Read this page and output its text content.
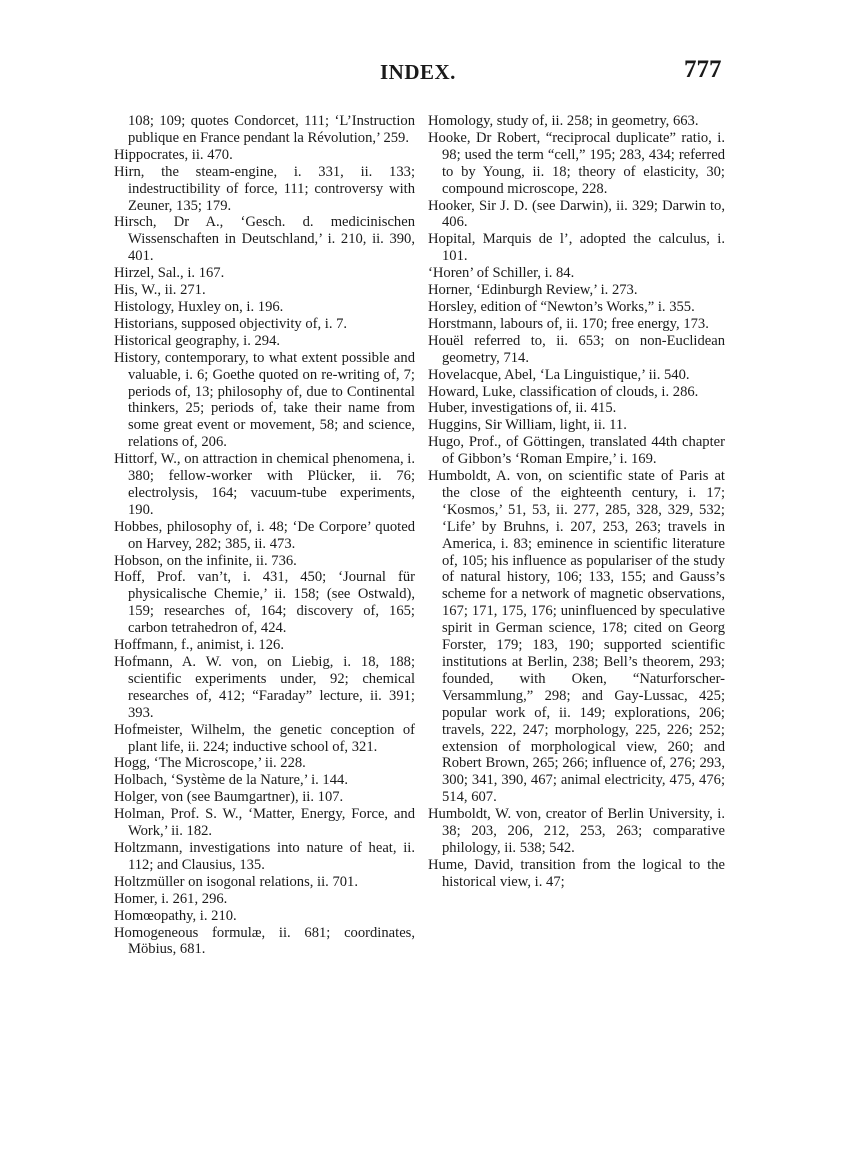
INDEX.	777

108; 109; quotes Condorcet, 111; ‘L’Instruction publique en France pendant la Révolution,’ 259.

Hippocrates, ii. 470.

Hirn, the steam-engine, i. 331, ii. 133; indestructibility of force, 111; controversy with Zeuner, 135; 179.

Hirsch, Dr A., ‘Gesch. d. medicinischen Wissenschaften in Deutschland,’ i. 210, ii. 390, 401.

Hirzel, Sal., i. 167.

His, W., ii. 271.

Histology, Huxley on, i. 196.

Historians, supposed objectivity of, i. 7.

Historical geography, i. 294.

History, contemporary, to what extent possible and valuable, i. 6; Goethe quoted on re-writing of, 7; periods of, 13; philosophy of, due to Continental thinkers, 25; periods of, take their name from some great event or movement, 58; and science, relations of, 206.

Hittorf, W., on attraction in chemical phenomena, i. 380; fellow-worker with Plücker, ii. 76; electrolysis, 164; vacuum-tube experiments, 190.

Hobbes, philosophy of, i. 48; ‘De Corpore’ quoted on Harvey, 282; 385, ii. 473.

Hobson, on the infinite, ii. 736.

Hoff, Prof. van’t, i. 431, 450; ‘Journal für physicalische Chemie,’ ii. 158; (see Ostwald), 159; researches of, 164; discovery of, 165; carbon tetrahedron of, 424.

Hoffmann, f., animist, i. 126.

Hofmann, A. W. von, on Liebig, i. 18, 188; scientific experiments under, 92; chemical researches of, 412; “Faraday” lecture, ii. 391; 393.

Hofmeister, Wilhelm, the genetic conception of plant life, ii. 224; inductive school of, 321.

Hogg, ‘The Microscope,’ ii. 228.

Holbach, ‘Système de la Nature,’ i. 144.

Holger, von (see Baumgartner), ii. 107.

Holman, Prof. S. W., ‘Matter, Energy, Force, and Work,’ ii. 182.

Holtzmann, investigations into nature of heat, ii. 112; and Clausius, 135.

Holtzmüller on isogonal relations, ii. 701.

Homer, i. 261, 296.

Homœopathy, i. 210.

Homogeneous formulæ, ii. 681; coordinates, Möbius, 681.

Homology, study of, ii. 258; in geometry, 663.

Hooke, Dr Robert, “reciprocal duplicate” ratio, i. 98; used the term “cell,” 195; 283, 434; referred to by Young, ii. 18; theory of elasticity, 30; compound microscope, 228.

Hooker, Sir J. D. (see Darwin), ii. 329; Darwin to, 406.

Hopital, Marquis de l’, adopted the calculus, i. 101.

‘Horen’ of Schiller, i. 84.

Horner, ‘Edinburgh Review,’ i. 273.

Horsley, edition of “Newton’s Works,” i. 355.

Horstmann, labours of, ii. 170; free energy, 173.

Houël referred to, ii. 653; on non-Euclidean geometry, 714.

Hovelacque, Abel, ‘La Linguistique,’ ii. 540.

Howard, Luke, classification of clouds, i. 286.

Huber, investigations of, ii. 415.

Huggins, Sir William, light, ii. 11.

Hugo, Prof., of Göttingen, translated 44th chapter of Gibbon’s ‘Roman Empire,’ i. 169.

Humboldt, A. von, on scientific state of Paris at the close of the eighteenth century, i. 17; ‘Kosmos,’ 51, 53, ii. 277, 285, 328, 329, 532; ‘Life’ by Bruhns, i. 207, 253, 263; travels in America, i. 83; eminence in scientific literature of, 105; his influence as populariser of the study of natural history, 106; 133, 155; and Gauss’s scheme for a network of magnetic observations, 167; 171, 175, 176; uninfluenced by speculative spirit in German science, 178; cited on Georg Forster, 179; 183, 190; supported scientific institutions at Berlin, 238; Bell’s theorem, 293; founded, with Oken, “Naturforscher-Versammlung,” 298; and Gay-Lussac, 425; popular work of, ii. 149; explorations, 206; travels, 222, 247; morphology, 225, 226; 252; extension of morphological view, 260; and Robert Brown, 265; 266; influence of, 276; 293, 300; 341, 390, 467; animal electricity, 475, 476; 514, 607.

Humboldt, W. von, creator of Berlin University, i. 38; 203, 206, 212, 253, 263; comparative philology, ii. 538; 542.

Hume, David, transition from the logical to the historical view, i. 47;
